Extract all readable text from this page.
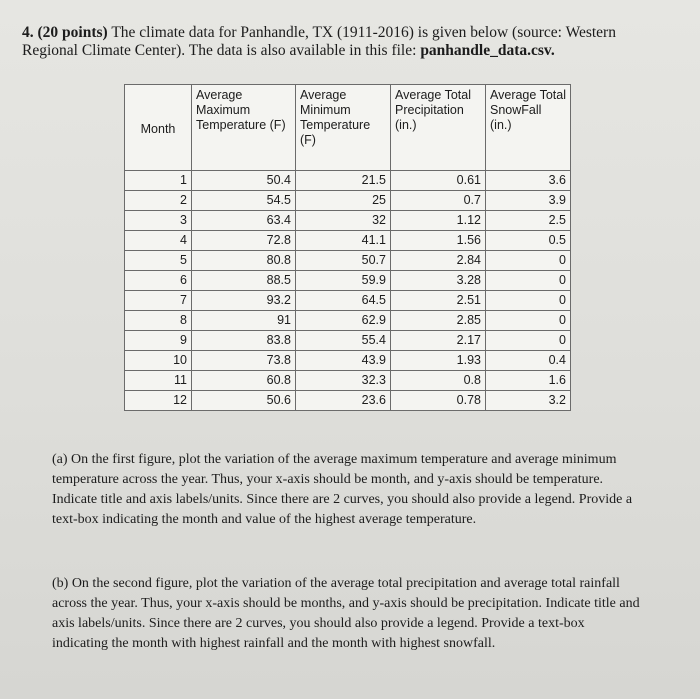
4. (20 points) The climate data for Panhandle, TX (1911-2016) is given below (source: Western Regional Climate Center). The data is also available in this file: panhandle_data.csv.

Month	Average Maximum Temperature (F)	Average Minimum Temperature (F)	Average Total Precipitation (in.)	Average Total SnowFall (in.)
1	50.4	21.5	0.61	3.6
2	54.5	25	0.7	3.9
3	63.4	32	1.12	2.5
4	72.8	41.1	1.56	0.5
5	80.8	50.7	2.84	0
6	88.5	59.9	3.28	0
7	93.2	64.5	2.51	0
8	91	62.9	2.85	0
9	83.8	55.4	2.17	0
10	73.8	43.9	1.93	0.4
11	60.8	32.3	0.8	1.6
12	50.6	23.6	0.78	3.2

(a) On the first figure, plot the variation of the average maximum temperature and average minimum temperature across the year. Thus, your x-axis should be month, and y-axis should be temperature. Indicate title and axis labels/units. Since there are 2 curves, you should also provide a legend. Provide a text-box indicating the month and value of the highest average temperature.

(b) On the second figure, plot the variation of the average total precipitation and average total rainfall across the year. Thus, your x-axis should be months, and y-axis should be precipitation. Indicate title and axis labels/units. Since there are 2 curves, you should also provide a legend. Provide a text-box indicating the month with highest rainfall and the month with highest snowfall.
